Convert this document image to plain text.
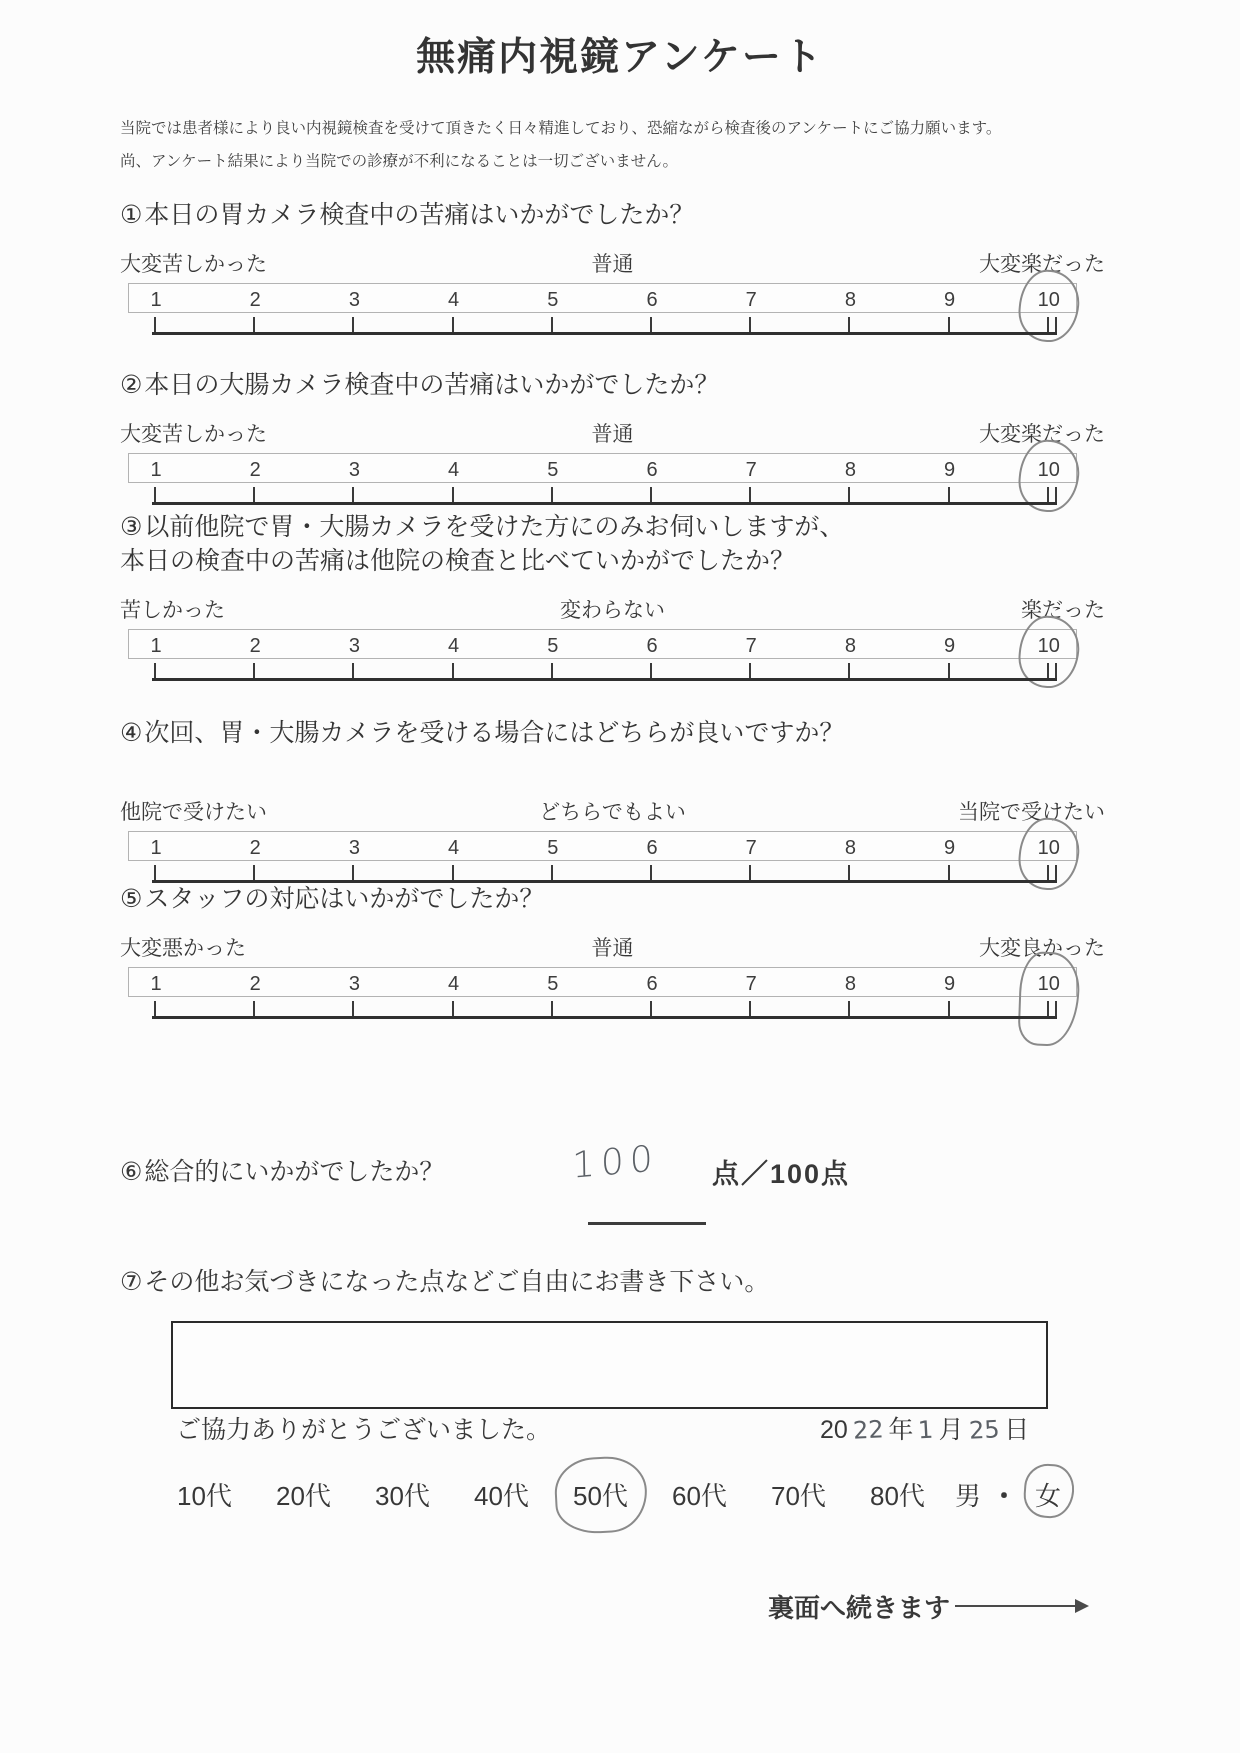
無痛内視鏡アンケート
当院では患者様により良い内視鏡検査を受けて頂きたく日々精進しており、恐縮ながら検査後のアンケートにご協力願います。
尚、アンケート結果により当院での診療が不利になることは一切ございません。
①本日の胃カメラ検査中の苦痛はいかがでしたか？
大変苦しかった	普通	大変楽だった
1	2	3	4	5	6	7	8	9	10
②本日の大腸カメラ検査中の苦痛はいかがでしたか？
大変苦しかった	普通	大変楽だった
1	2	3	4	5	6	7	8	9	10
③以前他院で胃・大腸カメラを受けた方にのみお伺いしますが、
本日の検査中の苦痛は他院の検査と比べていかがでしたか？
苦しかった	変わらない	楽だった
1	2	3	4	5	6	7	8	9	10
④次回、胃・大腸カメラを受ける場合にはどちらが良いですか？
他院で受けたい	どちらでもよい	当院で受けたい
1	2	3	4	5	6	7	8	9	10
⑤スタッフの対応はいかがでしたか？
大変悪かった	普通	大変良かった
1	2	3	4	5	6	7	8	9	10
⑥総合的にいかがでしたか？	100 点／100点
⑦その他お気づきになった点などご自由にお書き下さい。
ご協力ありがとうございました。	20 22 年 1 月 25 日
10代	20代	30代	40代	50代	60代	70代	80代	男 ・ 女
裏面へ続きます
